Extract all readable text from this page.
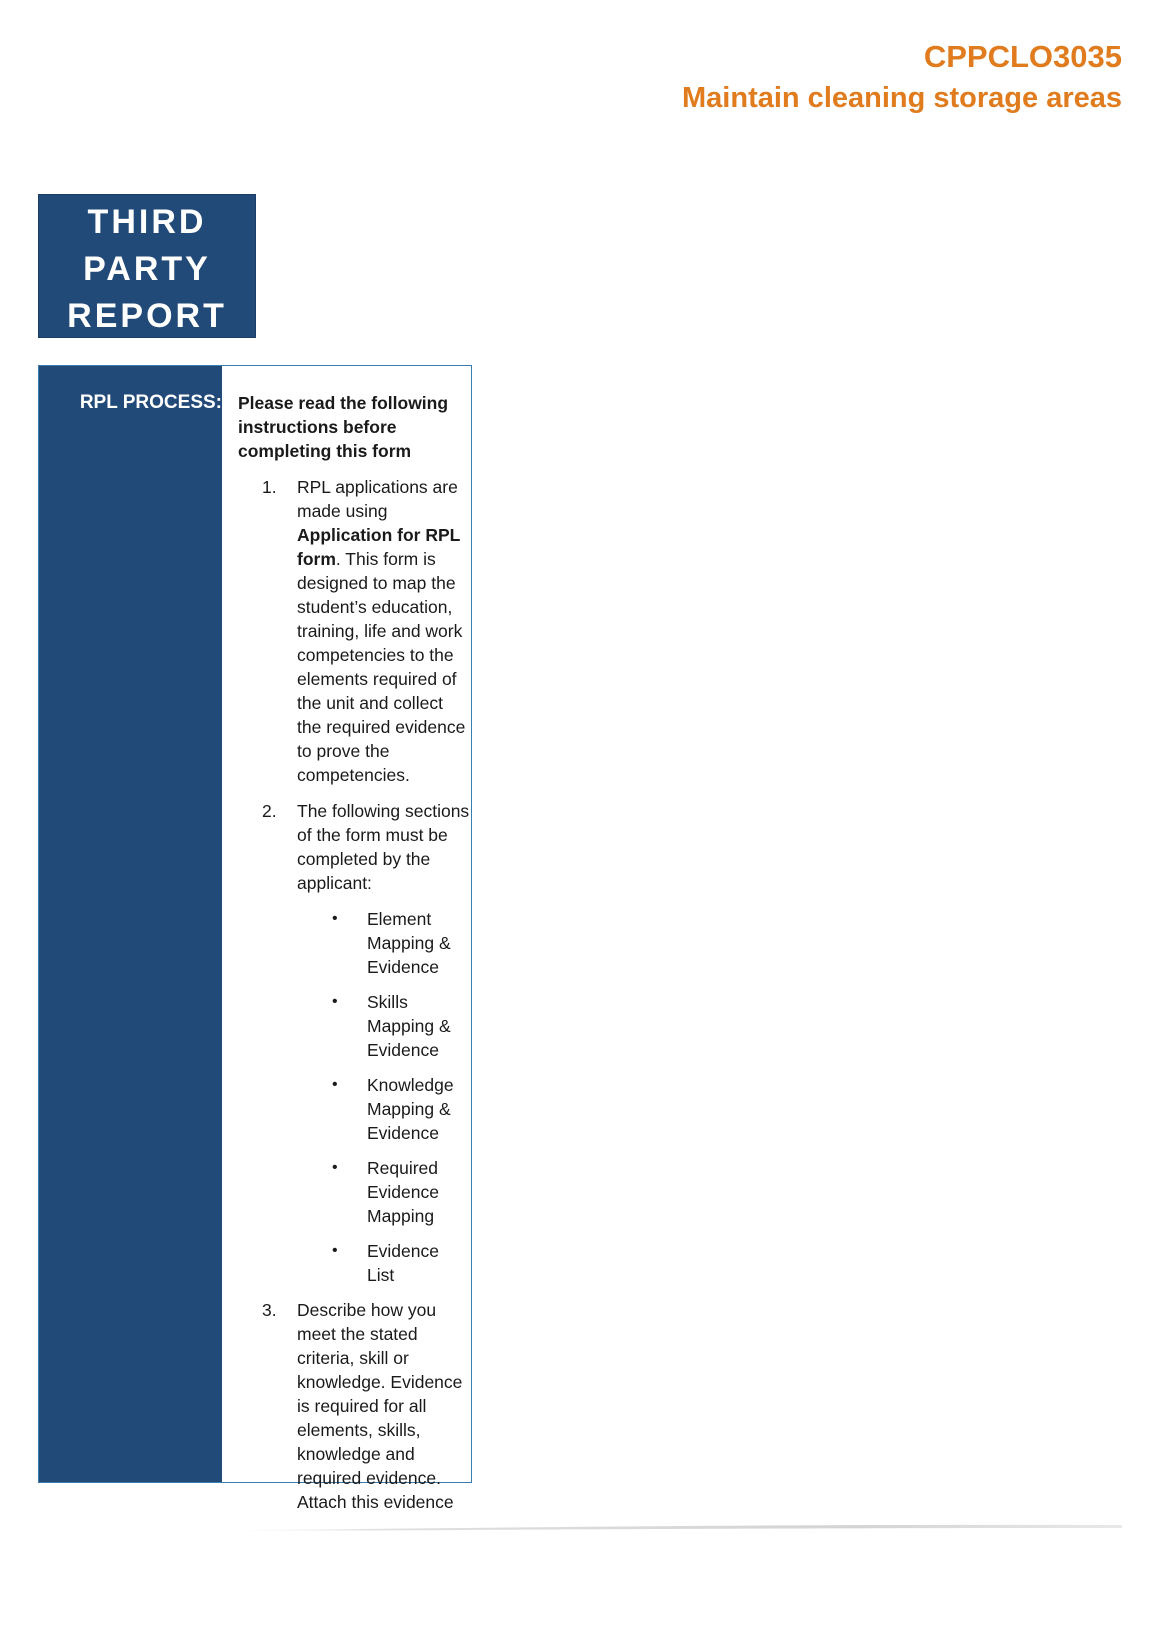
CPPCLO3035
Maintain cleaning storage areas
THIRD
PARTY
REPORT
RPL PROCESS: Please read the following instructions before completing this form
1.	RPL applications are made using Application for RPL form. This form is designed to map the student’s education, training, life and work competencies to the elements required of the unit and collect the required evidence to prove the competencies.
2.	The following sections of the form must be completed by the applicant:
•	Element Mapping & Evidence
•	Skills Mapping & Evidence
•	Knowledge Mapping & Evidence
•	Required Evidence Mapping
•	Evidence List
3.	Describe how you meet the stated criteria, skill or knowledge. Evidence is required for all elements, skills, knowledge and required evidence. Attach this evidence
